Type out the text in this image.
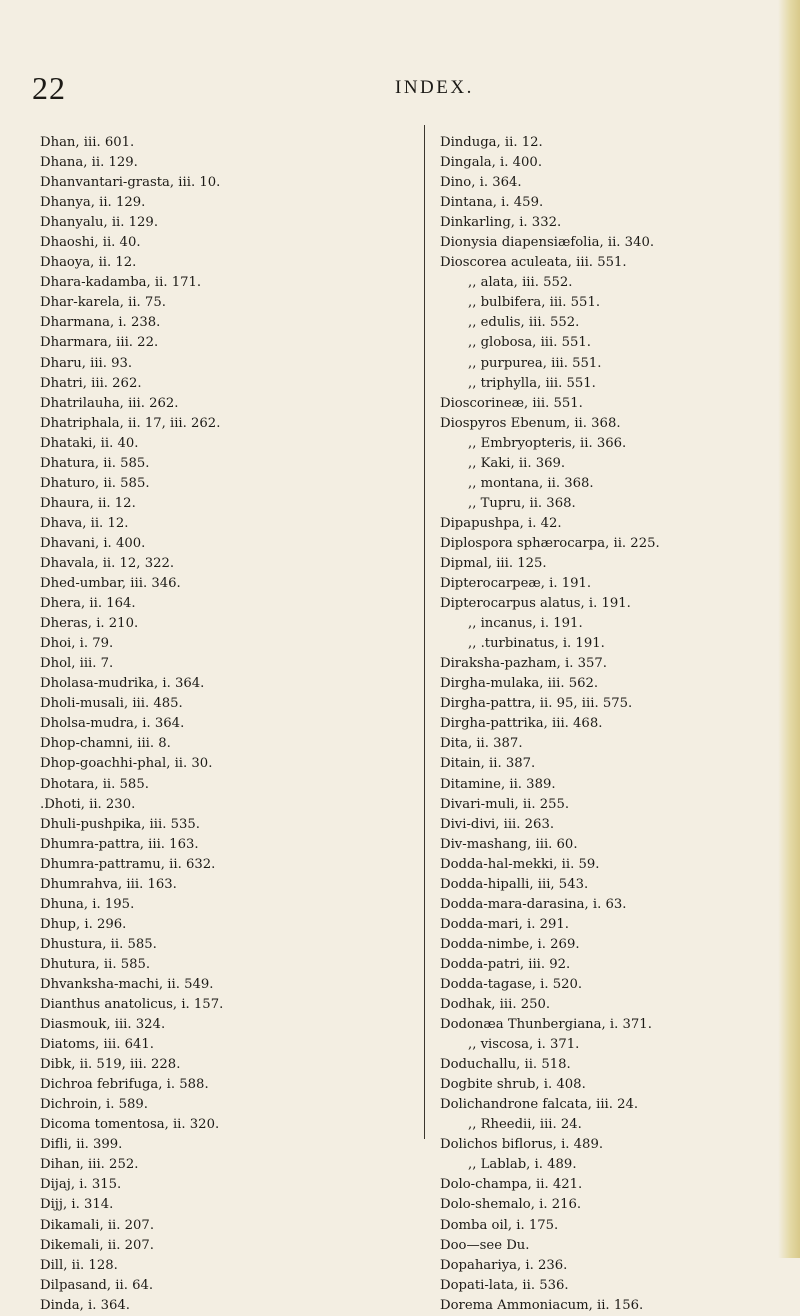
22	INDEX.
Dhan, iii. 601.
Dhana, ii. 129.
Dhanvantari-grasta, iii. 10.
Dhanya, ii. 129.
Dhanyalu, ii. 129.
Dhaoshi, ii. 40.
Dhaoya, ii. 12.
Dhara-kadamba, ii. 171.
Dhar-karela, ii. 75.
Dharmana, i. 238.
Dharmara, iii. 22.
Dharu, iii. 93.
Dhatri, iii. 262.
Dhatrilauha, iii. 262.
Dhatriphala, ii. 17, iii. 262.
Dhataki, ii. 40.
Dhatura, ii. 585.
Dhaturo, ii. 585.
Dhaura, ii. 12.
Dhava, ii. 12.
Dhavani, i. 400.
Dhavala, ii. 12, 322.
Dhed-umbar, iii. 346.
Dhera, ii. 164.
Dheras, i. 210.
Dhoi, i. 79.
Dhol, iii. 7.
Dholasa-mudrika, i. 364.
Dholi-musali, iii. 485.
Dholsa-mudra, i. 364.
Dhop-chamni, iii. 8.
Dhop-goachhi-phal, ii. 30.
Dhotara, ii. 585.
.Dhoti, ii. 230.
Dhuli-pushpika, iii. 535.
Dhumra-pattra, iii. 163.
Dhumra-pattramu, ii. 632.
Dhumrahva, iii. 163.
Dhuna, i. 195.
Dhup, i. 296.
Dhustura, ii. 585.
Dhutura, ii. 585.
Dhvanksha-machi, ii. 549.
Dianthus anatolicus, i. 157.
Diasmouk, iii. 324.
Diatoms, iii. 641.
Dibk, ii. 519, iii. 228.
Dichroa febrifuga, i. 588.
Dichroin, i. 589.
Dicoma tomentosa, ii. 320.
Difli, ii. 399.
Dihan, iii. 252.
Dijaj, i. 315.
Dijj, i. 314.
Dikamali, ii. 207.
Dikemali, ii. 207.
Dill, ii. 128.
Dilpasand, ii. 64.
Dinda, i. 364.
Dinduga, ii. 12.
Dingala, i. 400.
Dino, i. 364.
Dintana, i. 459.
Dinkarling, i. 332.
Dionysia diapensiæfolia, ii. 340.
Dioscorea aculeata, iii. 551.
,, alata, iii. 552.
,, bulbifera, iii. 551.
,, edulis, iii. 552.
,, globosa, iii. 551.
,, purpurea, iii. 551.
,, triphylla, iii. 551.
Dioscorineæ, iii. 551.
Diospyros Ebenum, ii. 368.
,, Embryopteris, ii. 366.
,, Kaki, ii. 369.
,, montana, ii. 368.
,, Tupru, ii. 368.
Dipapushpa, i. 42.
Diplospora sphærocarpa, ii. 225.
Dipmal, iii. 125.
Dipterocarpeæ, i. 191.
Dipterocarpus alatus, i. 191.
,, incanus, i. 191.
,, .turbinatus, i. 191.
Diraksha-pazham, i. 357.
Dirgha-mulaka, iii. 562.
Dirgha-pattra, ii. 95, iii. 575.
Dirgha-pattrika, iii. 468.
Dita, ii. 387.
Ditain, ii. 387.
Ditamine, ii. 389.
Divari-muli, ii. 255.
Divi-divi, iii. 263.
Div-mashang, iii. 60.
Dodda-hal-mekki, ii. 59.
Dodda-hipalli, iii, 543.
Dodda-mara-darasina, i. 63.
Dodda-mari, i. 291.
Dodda-nimbe, i. 269.
Dodda-patri, iii. 92.
Dodda-tagase, i. 520.
Dodhak, iii. 250.
Dodonæa Thunbergiana, i. 371.
,, viscosa, i. 371.
Doduchallu, ii. 518.
Dogbite shrub, i. 408.
Dolichandrone falcata, iii. 24.
,, Rheedii, iii. 24.
Dolichos biflorus, i. 489.
,, Lablab, i. 489.
Dolo-champa, ii. 421.
Dolo-shemalo, i. 216.
Domba oil, i. 175.
Doo—see Du.
Dopahariya, i. 236.
Dopati-lata, ii. 536.
Dorema Ammoniacum, ii. 156.
